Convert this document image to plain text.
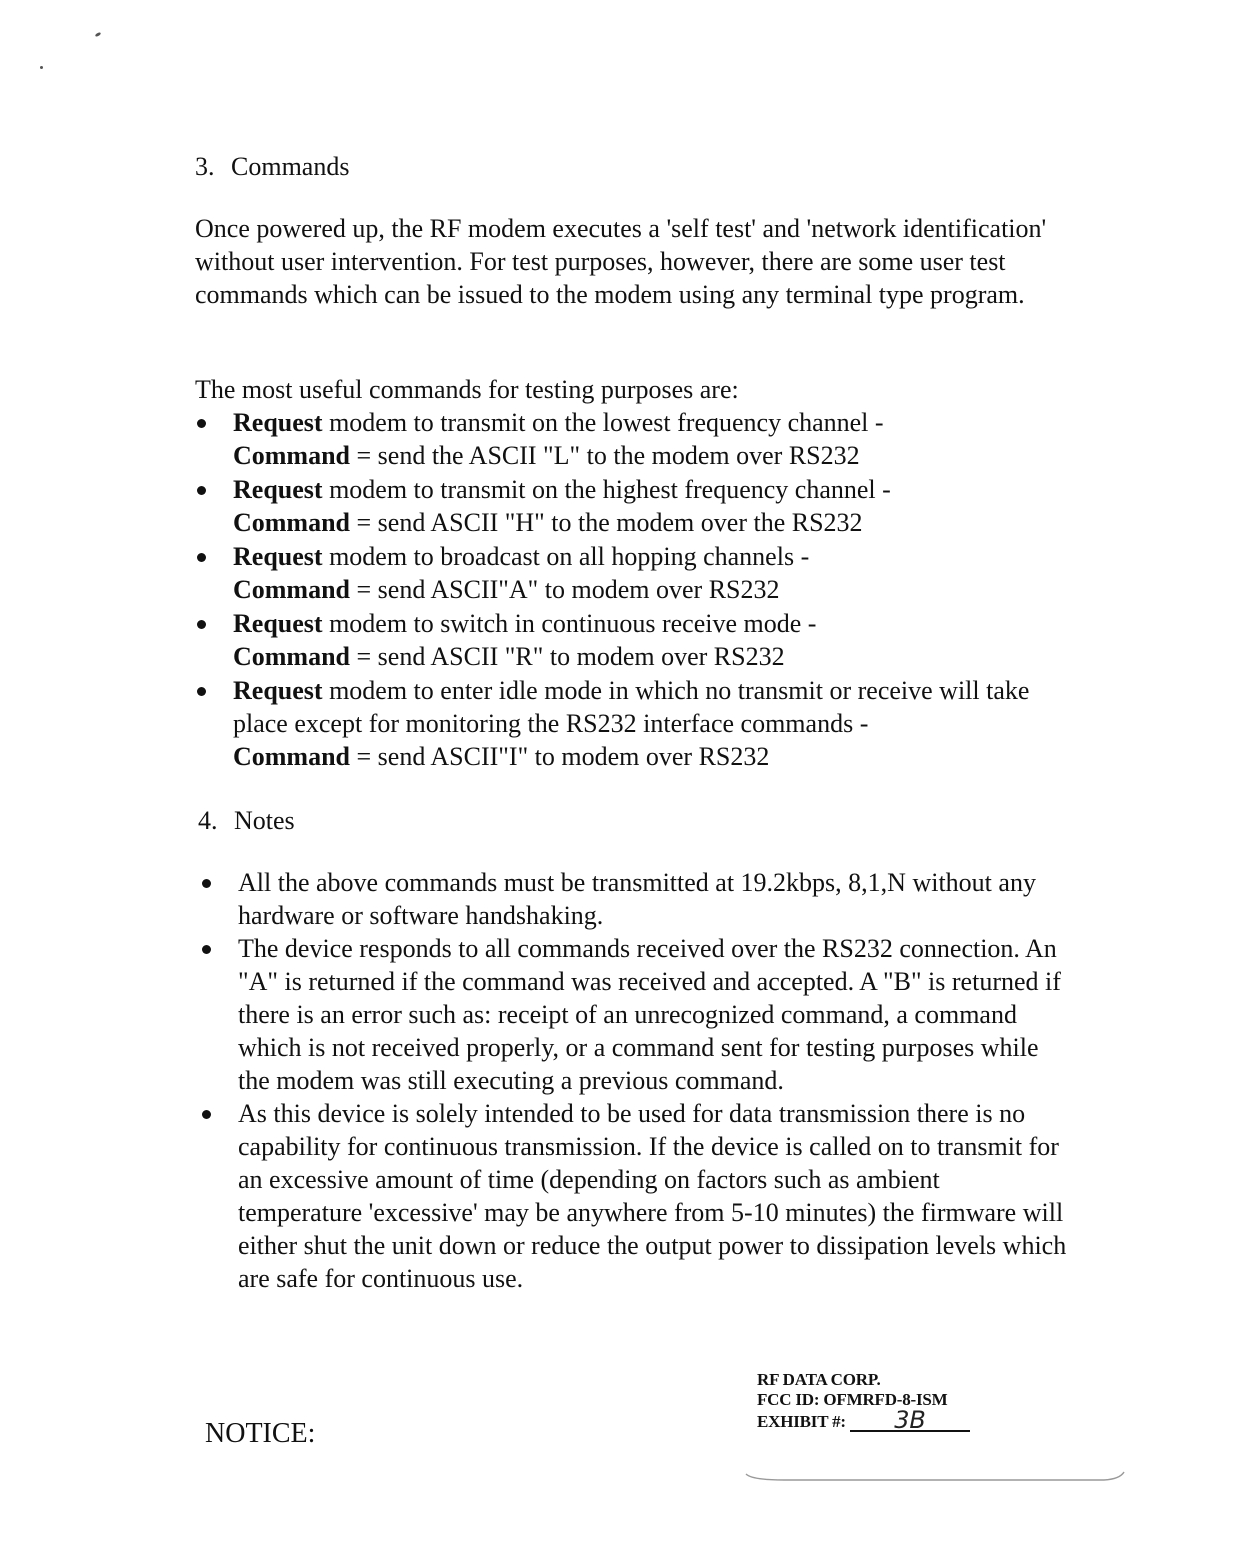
3. Commands

Once powered up, the RF modem executes a 'self test' and 'network identification' without user intervention. For test purposes, however, there are some user test commands which can be issued to the modem using any terminal type program.

The most useful commands for testing purposes are:

Request modem to transmit on the lowest frequency channel -
Command = send the ASCII "L" to the modem over RS232
Request modem to transmit on the highest frequency channel -
Command = send ASCII "H" to the modem over the RS232
Request modem to broadcast on all hopping channels -
Command = send ASCII"A" to modem over RS232
Request modem to switch in continuous receive mode -
Command = send ASCII "R" to modem over RS232
Request modem to enter idle mode in which no transmit or receive will take place except for monitoring the RS232 interface commands -
Command = send ASCII"I" to modem over RS232
4. Notes
All the above commands must be transmitted at 19.2kbps, 8,1,N without any hardware or software handshaking.
The device responds to all commands received over the RS232 connection. An "A" is returned if the command was received and accepted. A "B" is returned if there is an error such as: receipt of an unrecognized command, a command which is not received properly, or a command sent for testing purposes while the modem was still executing a previous command.
As this device is solely intended to be used for data transmission there is no capability for continuous transmission. If the device is called on to transmit for an excessive amount of time (depending on factors such as ambient temperature 'excessive' may be anywhere from 5-10 minutes) the firmware will either shut the unit down or reduce the output power to dissipation levels which are safe for continuous use.
NOTICE:
RF DATA CORP.
FCC ID: OFMRFD-8-ISM
EXHIBIT #: 3B
